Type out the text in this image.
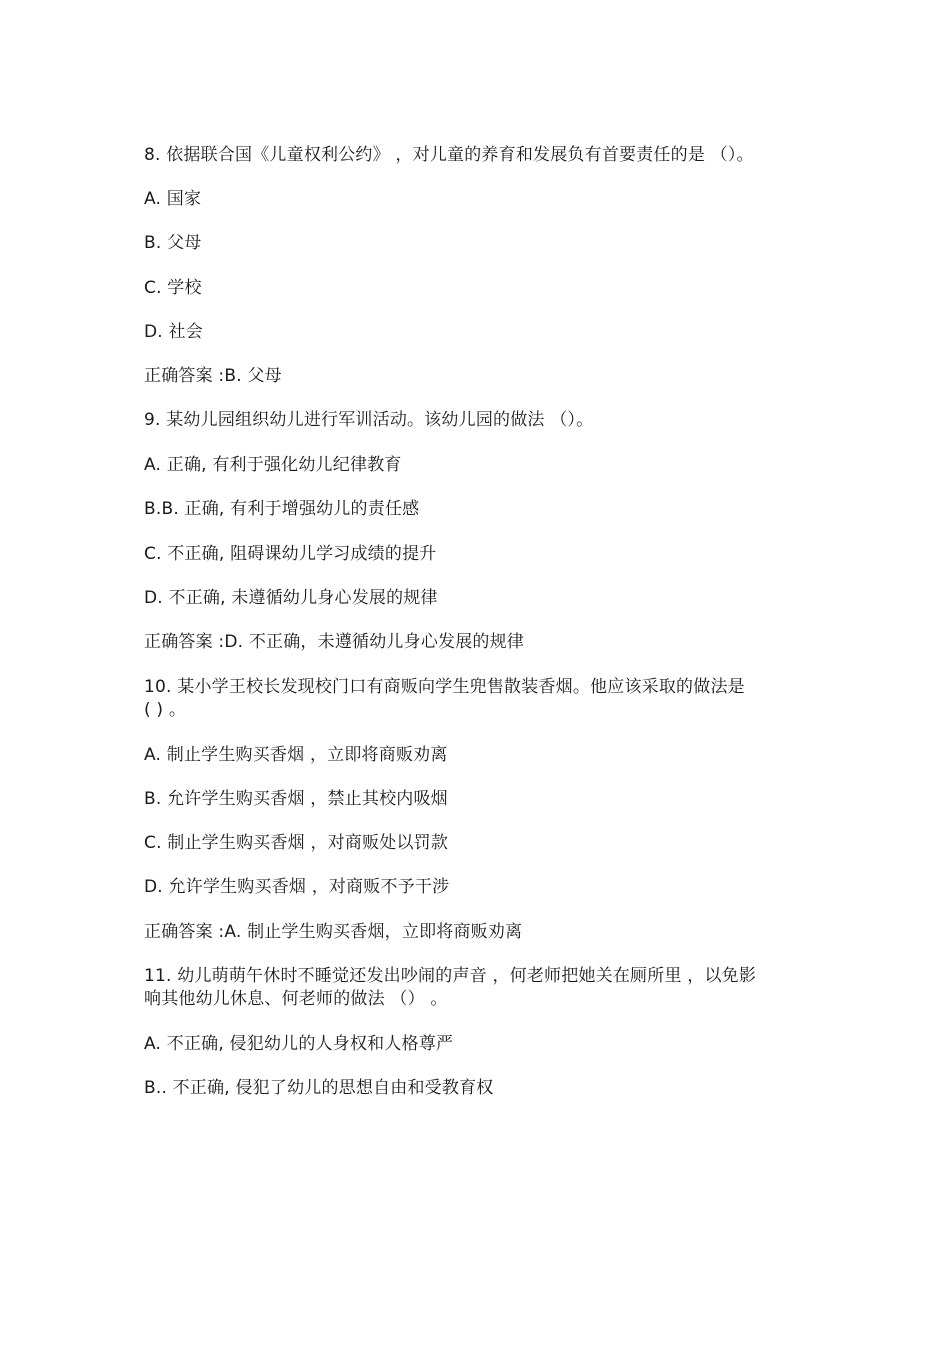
8. 依据联合国《儿童权利公约》 ，对儿童的养育和发展负有首要责任的是 （）。
A. 国家
B. 父母
C. 学校
D. 社会
正确答案 :B. 父母
9. 某幼儿园组织幼儿进行军训活动。该幼儿园的做法 （）。
A. 正确, 有利于强化幼儿纪律教育
B.B. 正确, 有利于增强幼儿的责任感
C. 不正确, 阻碍课幼儿学习成绩的提升
D. 不正确, 未遵循幼儿身心发展的规律
正确答案 :D. 不正确，未遵循幼儿身心发展的规律
10. 某小学王校长发现校门口有商贩向学生兜售散装香烟。他应该采取的做法是
( ) 。
A. 制止学生购买香烟 ，立即将商贩劝离
B. 允许学生购买香烟 ，禁止其校内吸烟
C. 制止学生购买香烟 ，对商贩处以罚款
D. 允许学生购买香烟 ，对商贩不予干涉
正确答案 :A. 制止学生购买香烟，立即将商贩劝离
11. 幼儿萌萌午休时不睡觉还发出吵闹的声音 ，何老师把她关在厕所里 ，以免影
响其他幼儿休息、何老师的做法 （） 。
A. 不正确, 侵犯幼儿的人身权和人格尊严
B.. 不正确, 侵犯了幼儿的思想自由和受教育权
